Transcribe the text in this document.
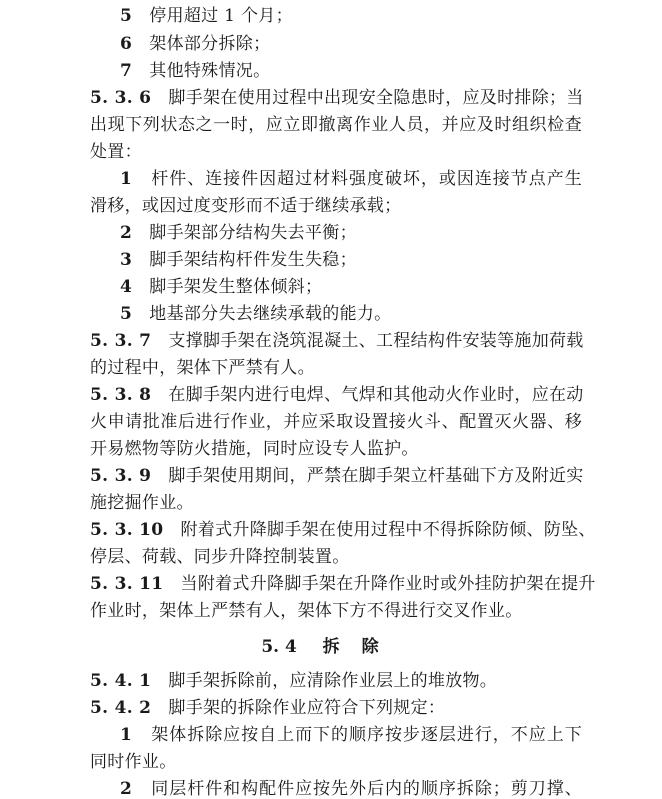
5 停用超过 1 个月；
6 架体部分拆除；
7 其他特殊情况。
5. 3. 6 脚手架在使用过程中出现安全隐患时，应及时排除；当
出现下列状态之一时，应立即撤离作业人员，并应及时组织检查
处置：
1 杆件、连接件因超过材料强度破坏，或因连接节点产生
滑移，或因过度变形而不适于继续承载；
2 脚手架部分结构失去平衡；
3 脚手架结构杆件发生失稳；
4 脚手架发生整体倾斜；
5 地基部分失去继续承载的能力。
5. 3. 7 支撑脚手架在浇筑混凝土、工程结构件安装等施加荷载
的过程中，架体下严禁有人。
5. 3. 8 在脚手架内进行电焊、气焊和其他动火作业时，应在动
火申请批准后进行作业，并应采取设置接火斗、配置灭火器、移
开易燃物等防火措施，同时应设专人监护。
5. 3. 9 脚手架使用期间，严禁在脚手架立杆基础下方及附近实
施挖掘作业。
5. 3. 10 附着式升降脚手架在使用过程中不得拆除防倾、防坠、
停层、荷载、同步升降控制装置。
5. 3. 11 当附着式升降脚手架在升降作业时或外挂防护架在提升
作业时，架体上严禁有人，架体下方不得进行交叉作业。
5. 4 拆除
5. 4. 1 脚手架拆除前，应清除作业层上的堆放物。
5. 4. 2 脚手架的拆除作业应符合下列规定：
1 架体拆除应按自上而下的顺序按步逐层进行，不应上下
同时作业。
2 同层杆件和构配件应按先外后内的顺序拆除；剪刀撑、
